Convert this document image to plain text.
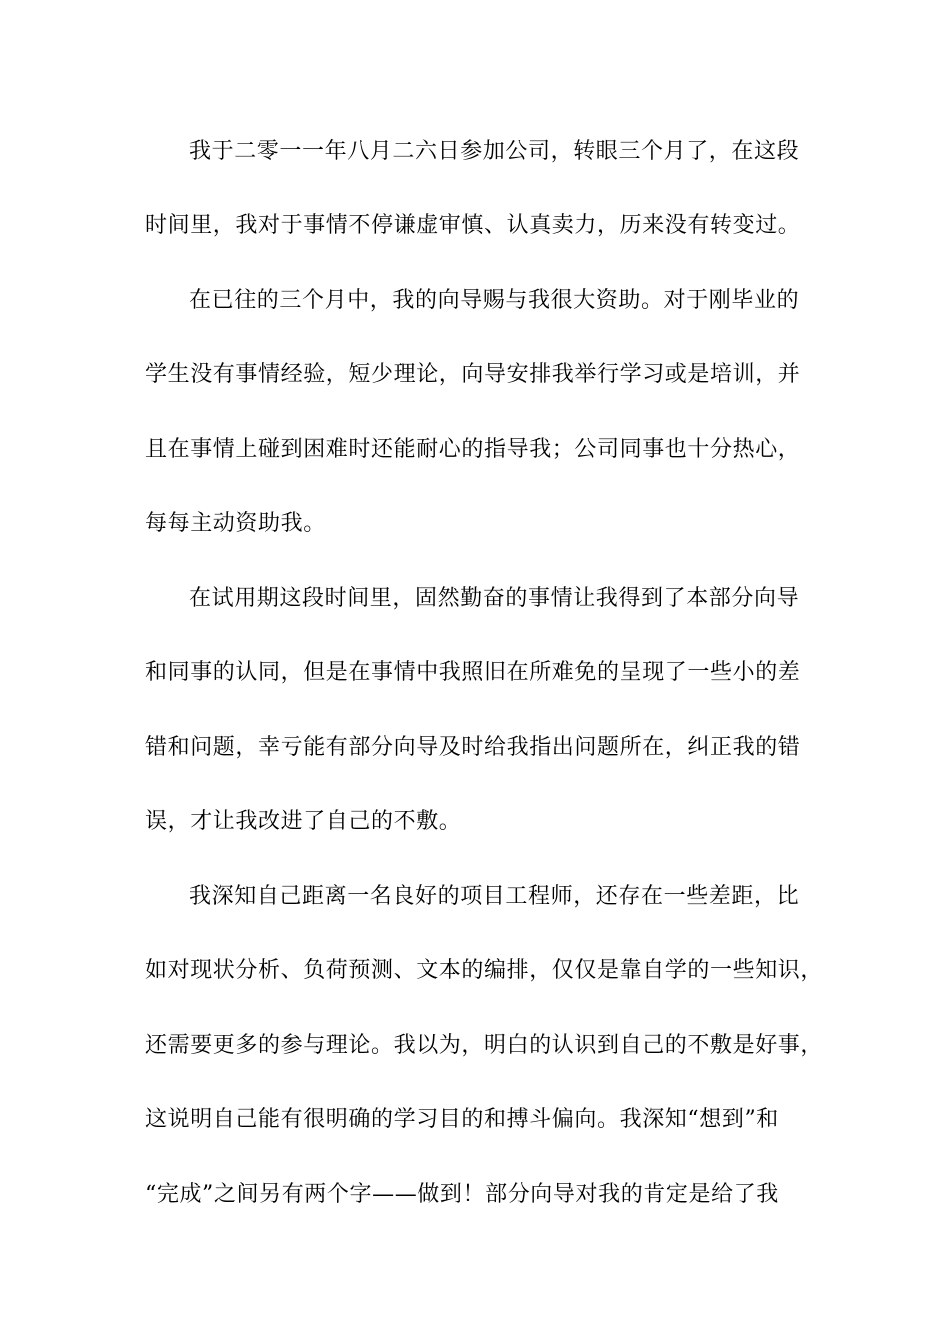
我于二零一一年八月二六日参加公司，转眼三个月了，在这段
时间里，我对于事情不停谦虚审慎、认真卖力，历来没有转变过。
在已往的三个月中，我的向导赐与我很大资助。对于刚毕业的
学生没有事情经验，短少理论，向导安排我举行学习或是培训，并
且在事情上碰到困难时还能耐心的指导我；公司同事也十分热心，
每每主动资助我。
在试用期这段时间里，固然勤奋的事情让我得到了本部分向导
和同事的认同，但是在事情中我照旧在所难免的呈现了一些小的差
错和问题，幸亏能有部分向导及时给我指出问题所在，纠正我的错
误，才让我改进了自己的不敷。
我深知自己距离一名良好的项目工程师，还存在一些差距，比
如对现状分析、负荷预测、文本的编排，仅仅是靠自学的一些知识，
还需要更多的参与理论。我以为，明白的认识到自己的不敷是好事，
这说明自己能有很明确的学习目的和搏斗偏向。我深知“想到”和
“完成”之间另有两个字——做到！部分向导对我的肯定是给了我
